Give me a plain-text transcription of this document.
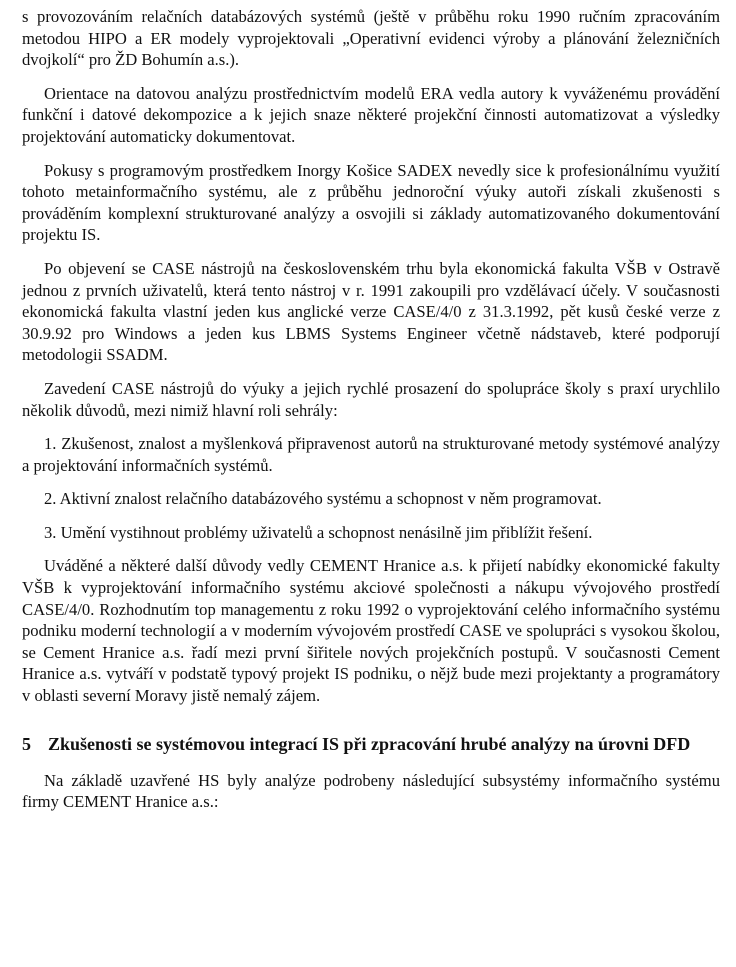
s provozováním relačních databázových systémů (ještě v průběhu roku 1990 ručním zpracováním metodou HIPO a ER modely vyprojektovali „Operativní evidenci výroby a plánování železničních dvojkolí“ pro ŽD Bohumín a.s.).

Orientace na datovou analýzu prostřednictvím modelů ERA vedla autory k vyváženému provádění funkční i datové dekompozice a k jejich snaze některé projekční činnosti automatizovat a výsledky projektování automaticky dokumentovat.

Pokusy s programovým prostředkem Inorgy Košice SADEX nevedly sice k profesionálnímu využití tohoto metainformačního systému, ale z průběhu jednoroční výuky autoři získali zkušenosti s prováděním komplexní strukturované analýzy a osvojili si základy automatizovaného dokumentování projektu IS.

Po objevení se CASE nástrojů na československém trhu byla ekonomická fakulta VŠB v Ostravě jednou z prvních uživatelů, která tento nástroj v r. 1991 zakoupili pro vzdělávací účely. V současnosti ekonomická fakulta vlastní jeden kus anglické verze CASE/4/0 z 31.3.1992, pět kusů české verze z 30.9.92 pro Windows a jeden kus LBMS Systems Engineer včetně nádstaveb, které podporují metodologii SSADM.

Zavedení CASE nástrojů do výuky a jejich rychlé prosazení do spolupráce školy s praxí urychlilo několik důvodů, mezi nimiž hlavní roli sehrály:

1. Zkušenost, znalost a myšlenková připravenost autorů na strukturované metody systémové analýzy a projektování informačních systémů.

2. Aktivní znalost relačního databázového systému a schopnost v něm programovat.

3. Umění vystihnout problémy uživatelů a schopnost nenásilně jim přiblížit řešení.

Uváděné a některé další důvody vedly CEMENT Hranice a.s. k přijetí nabídky ekonomické fakulty VŠB k vyprojektování informačního systému akciové společnosti a nákupu vývojového prostředí CASE/4/0. Rozhodnutím top managementu z roku 1992 o vyprojektování celého informačního systému podniku moderní technologií a v moderním vývojovém prostředí CASE ve spolupráci s vysokou školou, se Cement Hranice a.s. řadí mezi první šiřitele nových projekčních postupů. V současnosti Cement Hranice a.s. vytváří v podstatě typový projekt IS podniku, o nějž bude mezi projektanty a programátory v oblasti severní Moravy jistě nemalý zájem.

5 Zkušenosti se systémovou integrací IS při zpracování hrubé analýzy na úrovni DFD

Na základě uzavřené HS byly analýze podrobeny následující subsystémy informačního systému firmy CEMENT Hranice a.s.:
